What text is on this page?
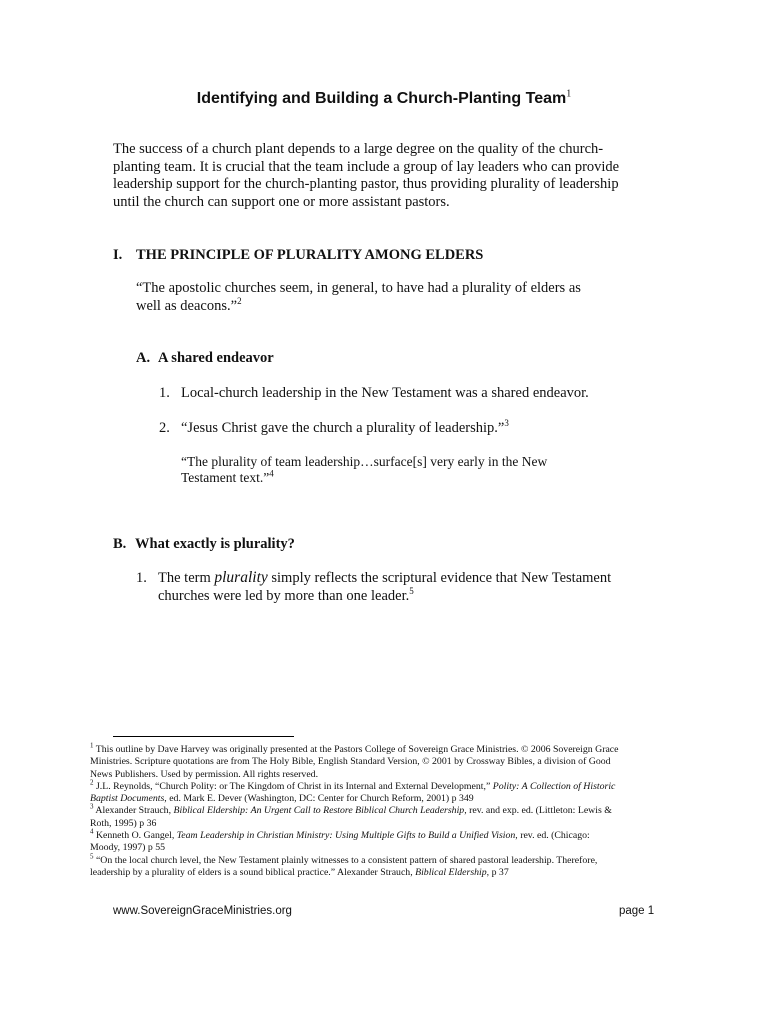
Identifying and Building a Church-Planting Team$^1$
The success of a church plant depends to a large degree on the quality of the church-
planting team. It is crucial that the team include a group of lay leaders who can provide
leadership support for the church-planting pastor, thus providing plurality of leadership
until the church can support one or more assistant pastors.
I. THE PRINCIPLE OF PLURALITY AMONG ELDERS
“The apostolic churches seem, in general, to have had a plurality of elders as
well as deacons.”$^2$
A. A shared endeavor
1. Local-church leadership in the New Testament was a shared endeavor.
2. “Jesus Christ gave the church a plurality of leadership.”$^3$
“The plurality of team leadership…surface[s] very early in the New
Testament text.”$^4$
B. What exactly is plurality?
1. The term plurality simply reflects the scriptural evidence that New Testament
churches were led by more than one leader.$^5$
$^1$ This outline by Dave Harvey was originally presented at the Pastors College of Sovereign Grace Ministries. © 2006 Sovereign Grace
Ministries. Scripture quotations are from The Holy Bible, English Standard Version, © 2001 by Crossway Bibles, a division of Good
News Publishers. Used by permission. All rights reserved.
$^2$ J.L. Reynolds, “Church Polity: or The Kingdom of Christ in its Internal and External Development,” Polity: A Collection of Historic
Baptist Documents, ed. Mark E. Dever (Washington, DC: Center for Church Reform, 2001) p 349
$^3$ Alexander Strauch, Biblical Eldership: An Urgent Call to Restore Biblical Church Leadership, rev. and exp. ed. (Littleton: Lewis &
Roth, 1995) p 36
$^4$ Kenneth O. Gangel, Team Leadership in Christian Ministry: Using Multiple Gifts to Build a Unified Vision, rev. ed. (Chicago:
Moody, 1997) p 55
$^5$ “On the local church level, the New Testament plainly witnesses to a consistent pattern of shared pastoral leadership. Therefore,
leadership by a plurality of elders is a sound biblical practice.” Alexander Strauch, Biblical Eldership, p 37
www.SovereignGraceMinistries.org	page 1
